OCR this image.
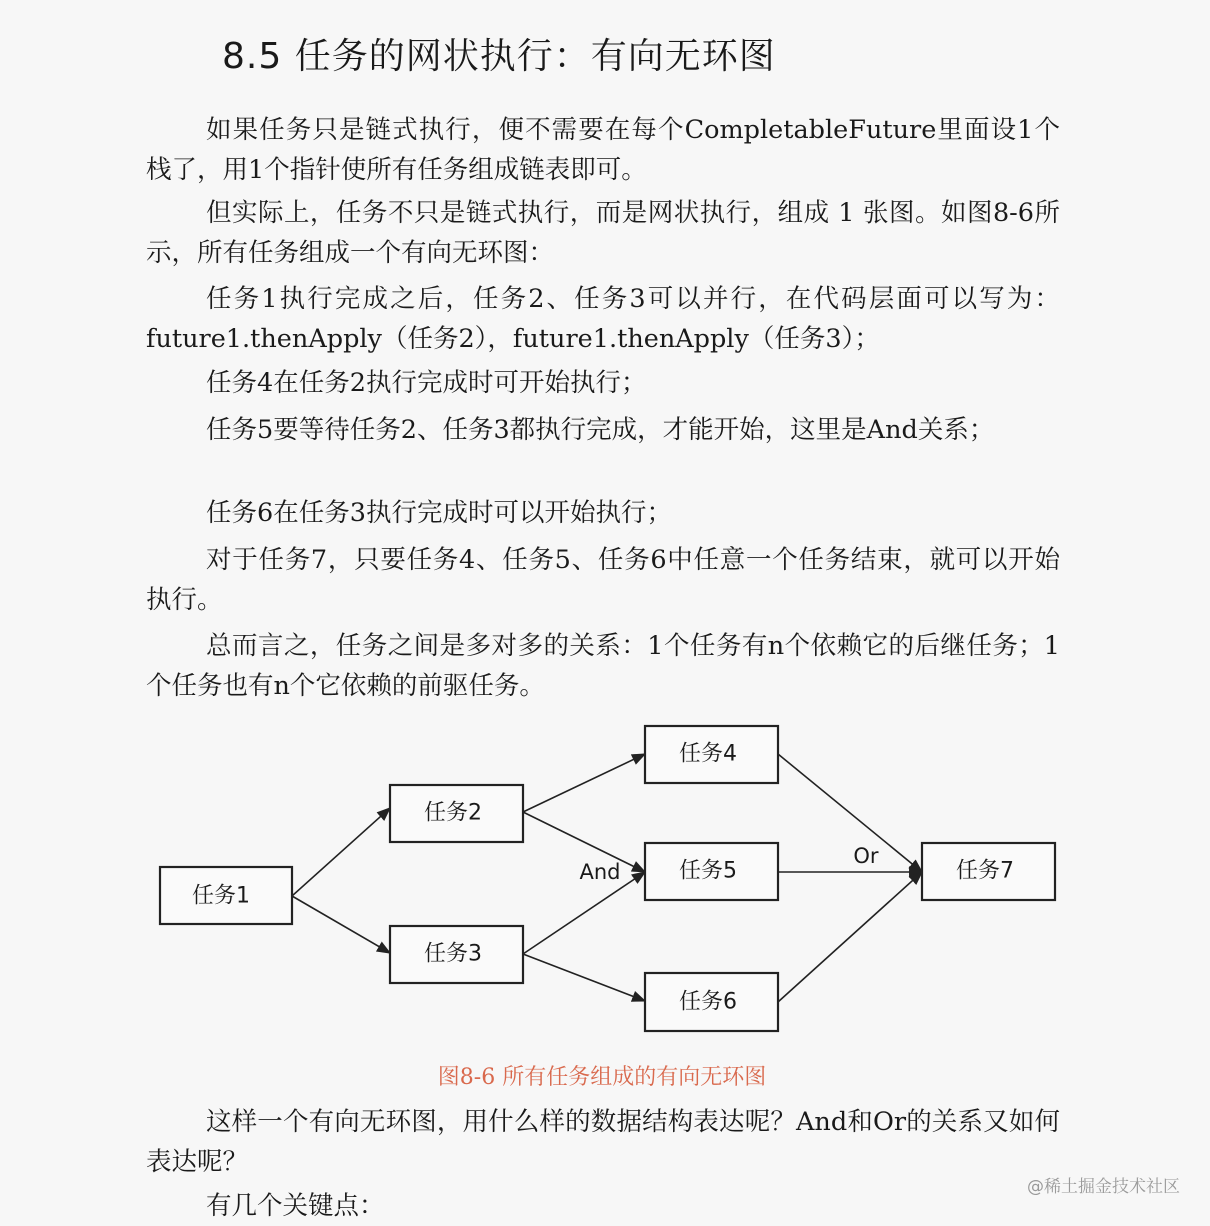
8.5 任务的网状执行：有向无环图

如果任务只是链式执行，便不需要在每个CompletableFuture里面设1个栈了，用1个指针使所有任务组成链表即可。

但实际上，任务不只是链式执行，而是网状执行，组成 1 张图。如图8-6所示，所有任务组成一个有向无环图：

任务1执行完成之后，任务2、任务3可以并行，在代码层面可以写为：future1.thenApply（任务2），future1.thenApply（任务3）；

任务4在任务2执行完成时可开始执行；

任务5要等待任务2、任务3都执行完成，才能开始，这里是And关系；

任务6在任务3执行完成时可以开始执行；

对于任务7，只要任务4、任务5、任务6中任意一个任务结束，就可以开始执行。

总而言之，任务之间是多对多的关系：1个任务有n个依赖它的后继任务；1个任务也有n个它依赖的前驱任务。

And
Or
任务1
任务2
任务3
任务4
任务5
任务6
任务7
图8-6 所有任务组成的有向无环图

这样一个有向无环图，用什么样的数据结构表达呢？And和Or的关系又如何表达呢？

有几个关键点：

@稀土掘金技术社区
